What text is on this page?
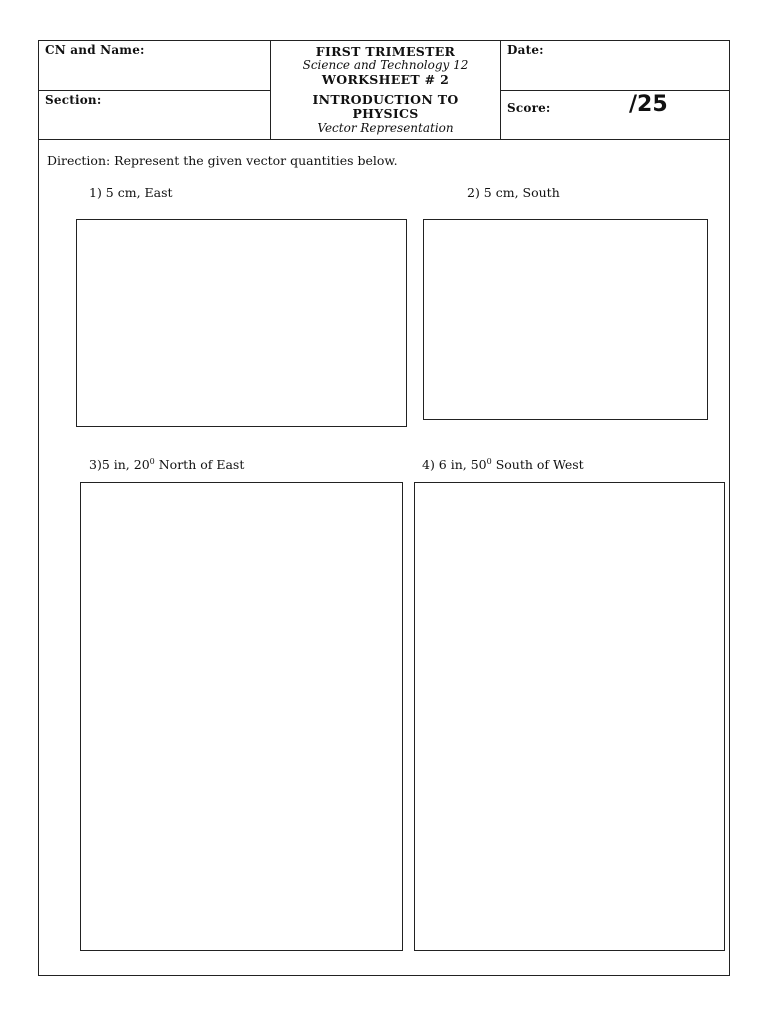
CN and Name:	FIRST TRIMESTER
Science and Technology 12
WORKSHEET # 2
Date:
Section:	INTRODUCTION TO
PHYSICS
Vector Representation
Score:	/25
Direction: Represent the given vector quantities below.
1) 5 cm, East	2) 5 cm, South
3)5 in, $20^0$ North of East	4) 6 in, $50^0$ South of West
